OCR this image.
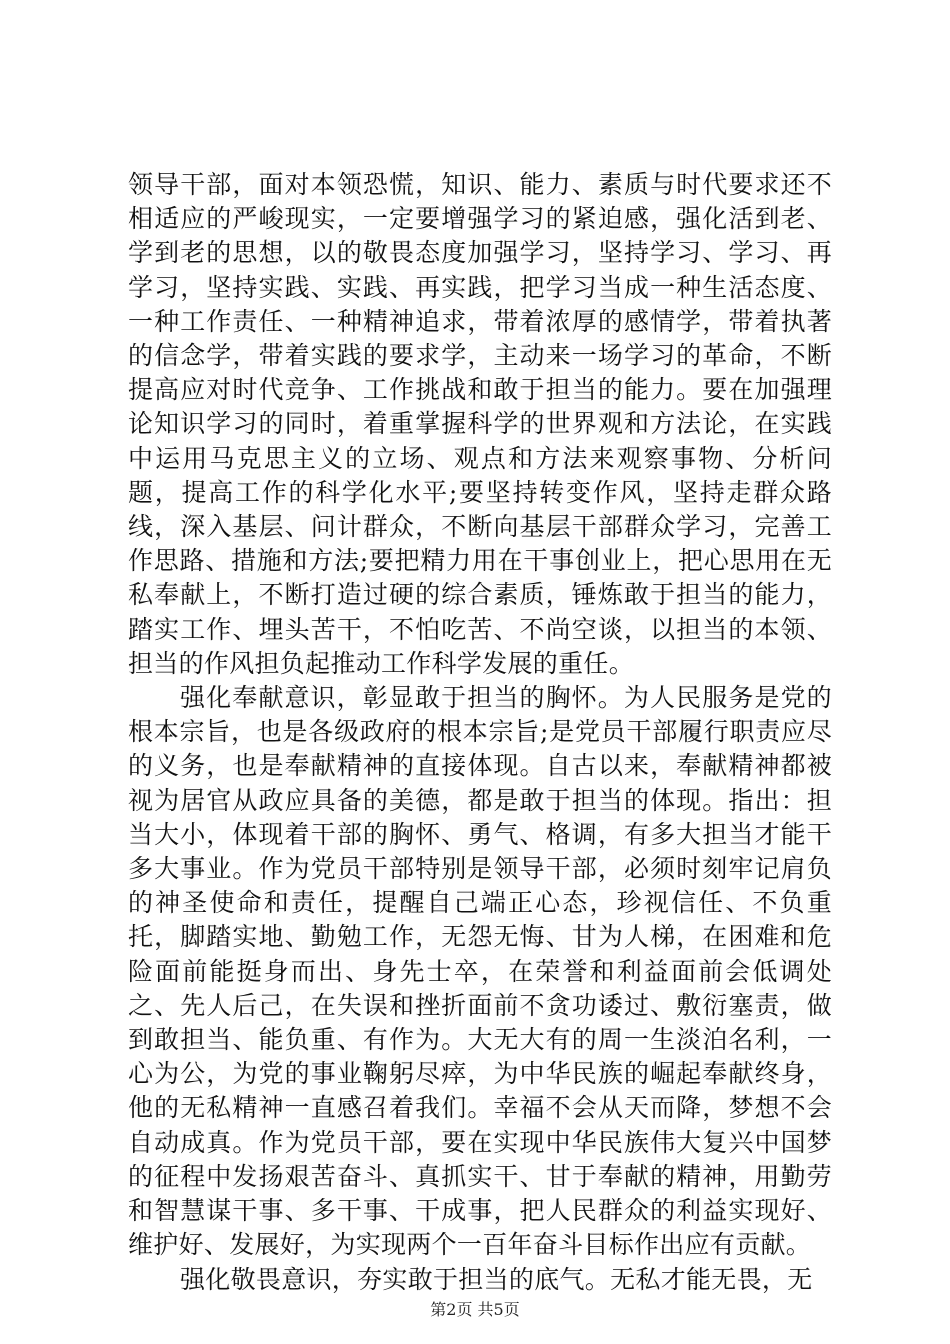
领导干部，面对本领恐慌，知识、能力、素质与时代要求还不相适应的严峻现实，一定要增强学习的紧迫感，强化活到老、学到老的思想，以的敬畏态度加强学习，坚持学习、学习、再学习，坚持实践、实践、再实践，把学习当成一种生活态度、一种工作责任、一种精神追求，带着浓厚的感情学，带着执著的信念学，带着实践的要求学，主动来一场学习的革命，不断提高应对时代竞争、工作挑战和敢于担当的能力。要在加强理论知识学习的同时，着重掌握科学的世界观和方法论，在实践中运用马克思主义的立场、观点和方法来观察事物、分析问题，提高工作的科学化水平;要坚持转变作风，坚持走群众路线，深入基层、问计群众，不断向基层干部群众学习，完善工作思路、措施和方法;要把精力用在干事创业上，把心思用在无私奉献上，不断打造过硬的综合素质，锤炼敢于担当的能力，踏实工作、埋头苦干，不怕吃苦、不尚空谈，以担当的本领、担当的作风担负起推动工作科学发展的重任。

强化奉献意识，彰显敢于担当的胸怀。为人民服务是党的根本宗旨，也是各级政府的根本宗旨;是党员干部履行职责应尽的义务，也是奉献精神的直接体现。自古以来，奉献精神都被视为居官从政应具备的美德，都是敢于担当的体现。指出：担当大小，体现着干部的胸怀、勇气、格调，有多大担当才能干多大事业。作为党员干部特别是领导干部，必须时刻牢记肩负的神圣使命和责任，提醒自己端正心态，珍视信任、不负重托，脚踏实地、勤勉工作，无怨无悔、甘为人梯，在困难和危险面前能挺身而出、身先士卒，在荣誉和利益面前会低调处之、先人后己，在失误和挫折面前不贪功诿过、敷衍塞责，做到敢担当、能负重、有作为。大无大有的周一生淡泊名利，一心为公，为党的事业鞠躬尽瘁，为中华民族的崛起奉献终身，他的无私精神一直感召着我们。幸福不会从天而降，梦想不会自动成真。作为党员干部，要在实现中华民族伟大复兴中国梦的征程中发扬艰苦奋斗、真抓实干、甘于奉献的精神，用勤劳和智慧谋干事、多干事、干成事，把人民群众的利益实现好、维护好、发展好，为实现两个一百年奋斗目标作出应有贡献。

强化敬畏意识，夯实敢于担当的底气。无私才能无畏，无

第2页 共5页
